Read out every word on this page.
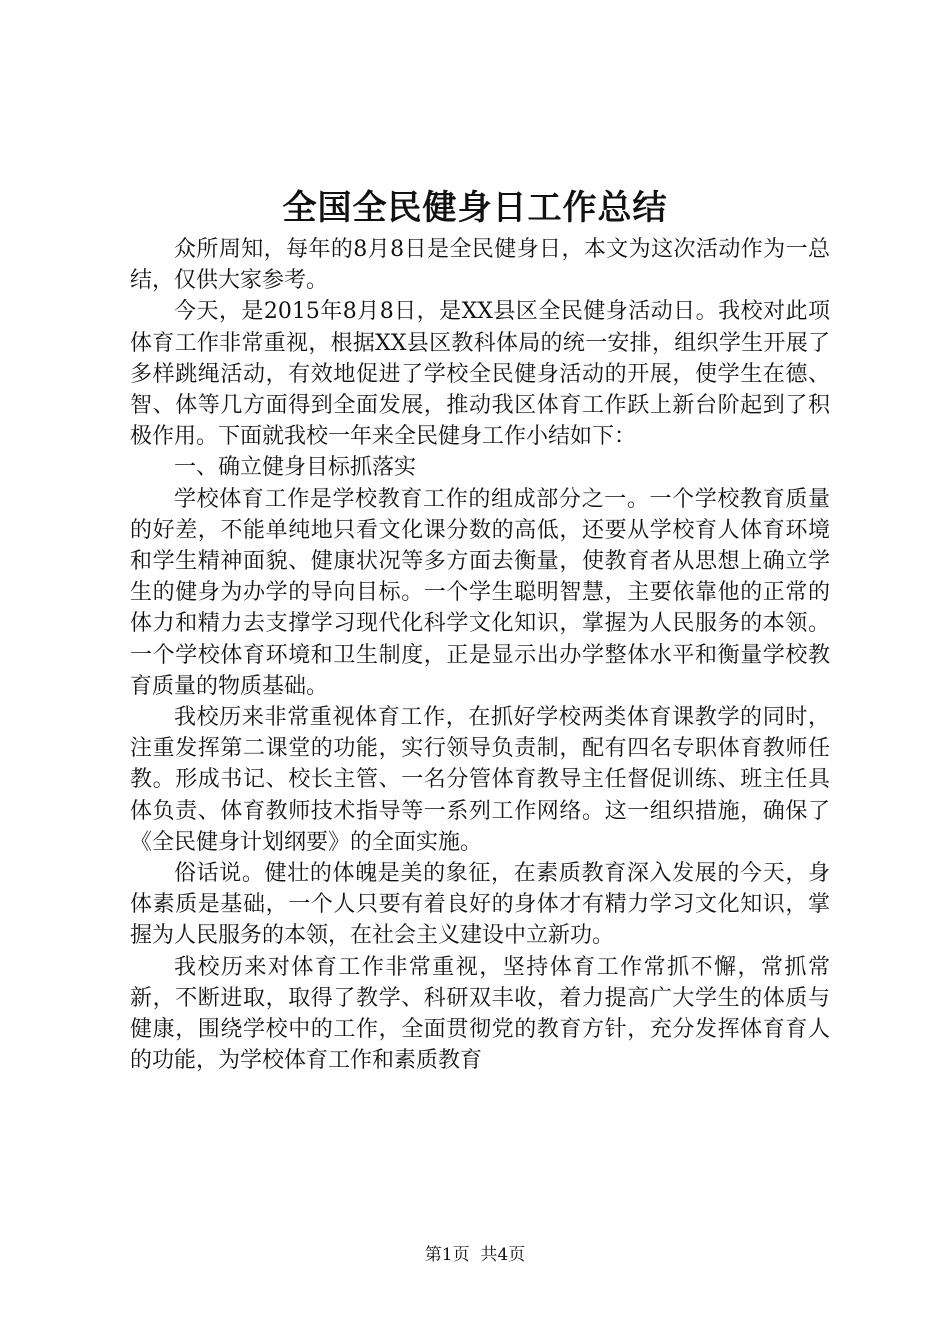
全国全民健身日工作总结

众所周知，每年的8月8日是全民健身日，本文为这次活动作为一总结，仅供大家参考。

今天，是2015年8月8日，是XX县区全民健身活动日。我校对此项体育工作非常重视，根据XX县区教科体局的统一安排，组织学生开展了多样跳绳活动，有效地促进了学校全民健身活动的开展，使学生在德、智、体等几方面得到全面发展，推动我区体育工作跃上新台阶起到了积极作用。下面就我校一年来全民健身工作小结如下：

一、确立健身目标抓落实

学校体育工作是学校教育工作的组成部分之一。一个学校教育质量的好差，不能单纯地只看文化课分数的高低，还要从学校育人体育环境和学生精神面貌、健康状况等多方面去衡量，使教育者从思想上确立学生的健身为办学的导向目标。一个学生聪明智慧，主要依靠他的正常的体力和精力去支撑学习现代化科学文化知识，掌握为人民服务的本领。一个学校体育环境和卫生制度，正是显示出办学整体水平和衡量学校教育质量的物质基础。

我校历来非常重视体育工作，在抓好学校两类体育课教学的同时，注重发挥第二课堂的功能，实行领导负责制，配有四名专职体育教师任教。形成书记、校长主管、一名分管体育教导主任督促训练、班主任具体负责、体育教师技术指导等一系列工作网络。这一组织措施，确保了《全民健身计划纲要》的全面实施。

俗话说。健壮的体魄是美的象征，在素质教育深入发展的今天，身体素质是基础，一个人只要有着良好的身体才有精力学习文化知识，掌握为人民服务的本领，在社会主义建设中立新功。

我校历来对体育工作非常重视，坚持体育工作常抓不懈，常抓常新，不断进取，取得了教学、科研双丰收，着力提高广大学生的体质与健康，围绕学校中的工作，全面贯彻党的教育方针，充分发挥体育育人的功能，为学校体育工作和素质教育

第1页 共4页
